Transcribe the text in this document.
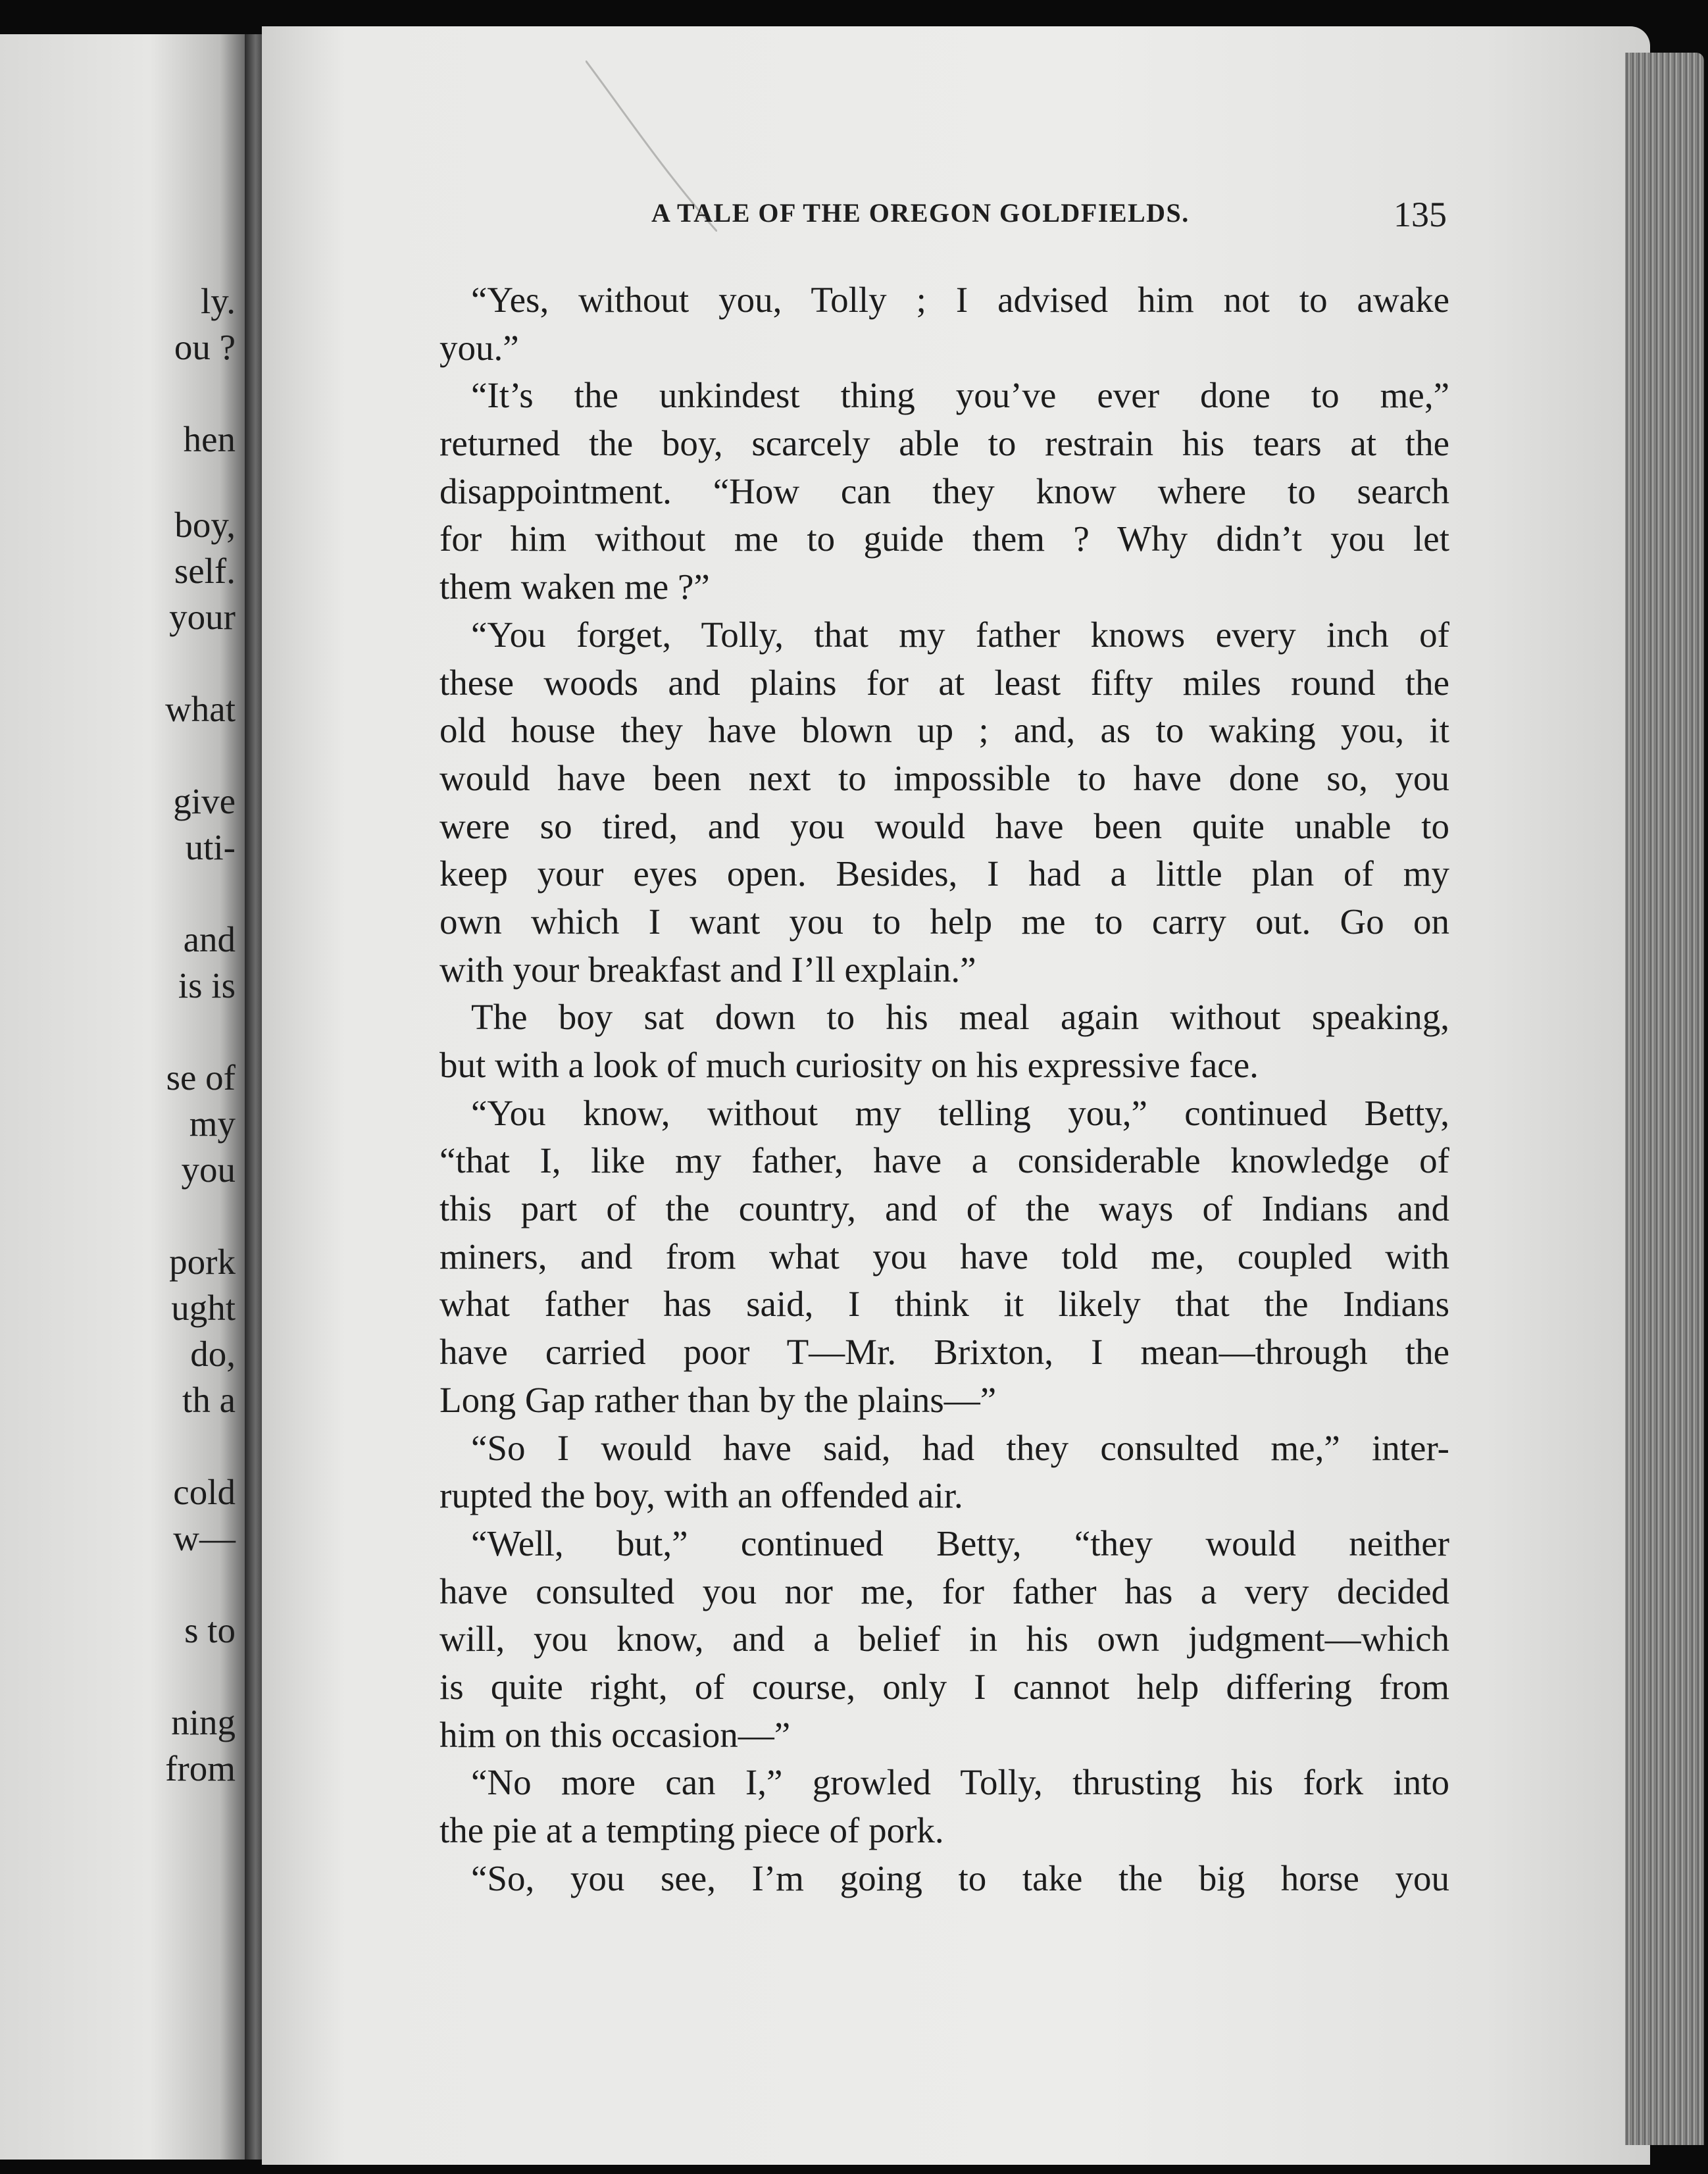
ly.
ou ?
hen
boy,
self.
your
what
give
uti-
and
is is
se of
my
you
pork
ught
do,
th a
cold
w—
s to
ning
from
A TALE OF THE OREGON GOLDFIELDS.	135
“Yes, without you, Tolly ; I advised him not to awake
you.”
“It’s the unkindest thing you’ve ever done to me,”
returned the boy, scarcely able to restrain his tears at the
disappointment. “How can they know where to search
for him without me to guide them ? Why didn’t you let
them waken me ?”
“You forget, Tolly, that my father knows every inch of
these woods and plains for at least fifty miles round the
old house they have blown up ; and, as to waking you, it
would have been next to impossible to have done so, you
were so tired, and you would have been quite unable to
keep your eyes open. Besides, I had a little plan of my
own which I want you to help me to carry out. Go on
with your breakfast and I’ll explain.”
The boy sat down to his meal again without speaking,
but with a look of much curiosity on his expressive face.
“You know, without my telling you,” continued Betty,
“that I, like my father, have a considerable knowledge of
this part of the country, and of the ways of Indians and
miners, and from what you have told me, coupled with
what father has said, I think it likely that the Indians
have carried poor T—Mr. Brixton, I mean—through the
Long Gap rather than by the plains—”
“So I would have said, had they consulted me,” inter-
rupted the boy, with an offended air.
“Well, but,” continued Betty, “they would neither
have consulted you nor me, for father has a very decided
will, you know, and a belief in his own judgment—which
is quite right, of course, only I cannot help differing from
him on this occasion—”
“No more can I,” growled Tolly, thrusting his fork into
the pie at a tempting piece of pork.
“So, you see, I’m going to take the big horse you
